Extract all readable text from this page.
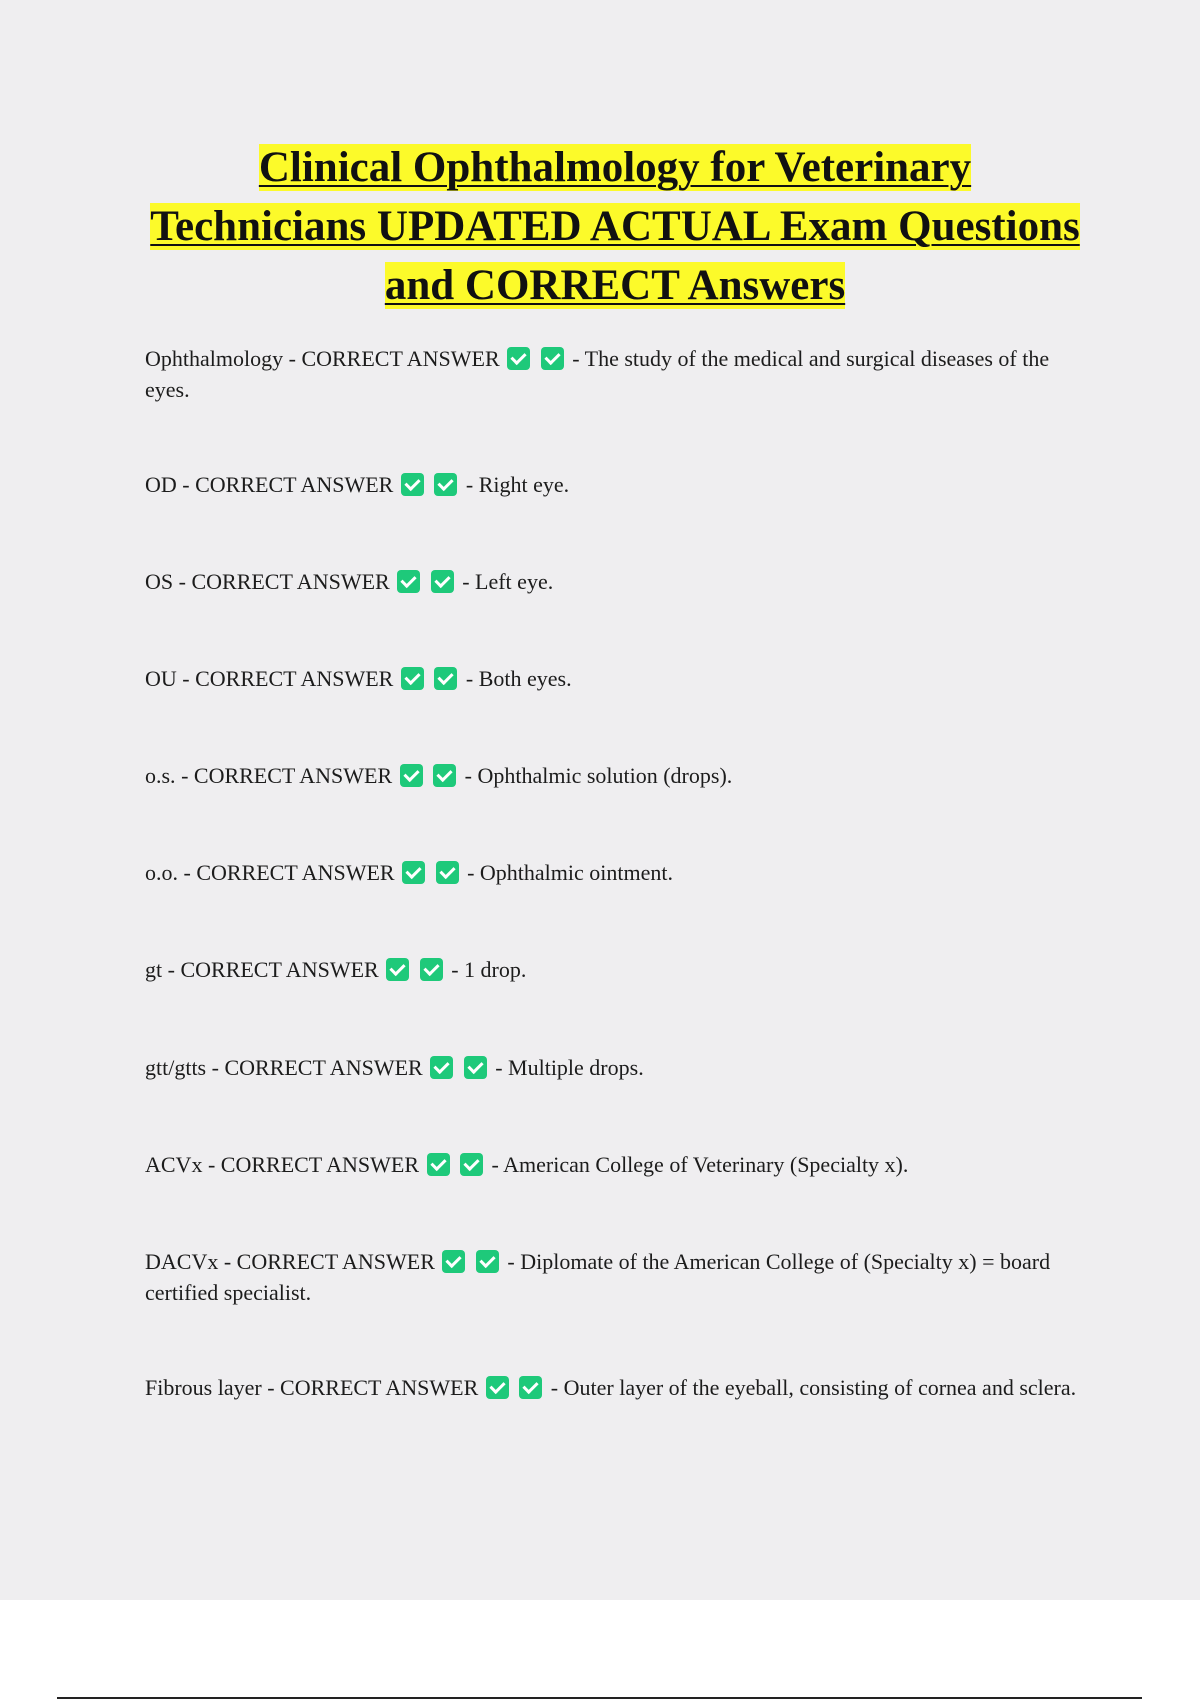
Clinical Ophthalmology for Veterinary Technicians UPDATED ACTUAL Exam Questions and CORRECT Answers

Ophthalmology - CORRECT ANSWER	- The study of the medical and surgical diseases of the eyes.

OD - CORRECT ANSWER	- Right eye.

OS - CORRECT ANSWER	- Left eye.

OU - CORRECT ANSWER	- Both eyes.

o.s. - CORRECT ANSWER	- Ophthalmic solution (drops).

o.o. - CORRECT ANSWER	- Ophthalmic ointment.

gt - CORRECT ANSWER	- 1 drop.

gtt/gtts - CORRECT ANSWER	- Multiple drops.

ACVx - CORRECT ANSWER	- American College of Veterinary (Specialty x).

DACVx - CORRECT ANSWER	- Diplomate of the American College of (Specialty x) = board certified specialist.

Fibrous layer - CORRECT ANSWER	- Outer layer of the eyeball, consisting of cornea and sclera.
